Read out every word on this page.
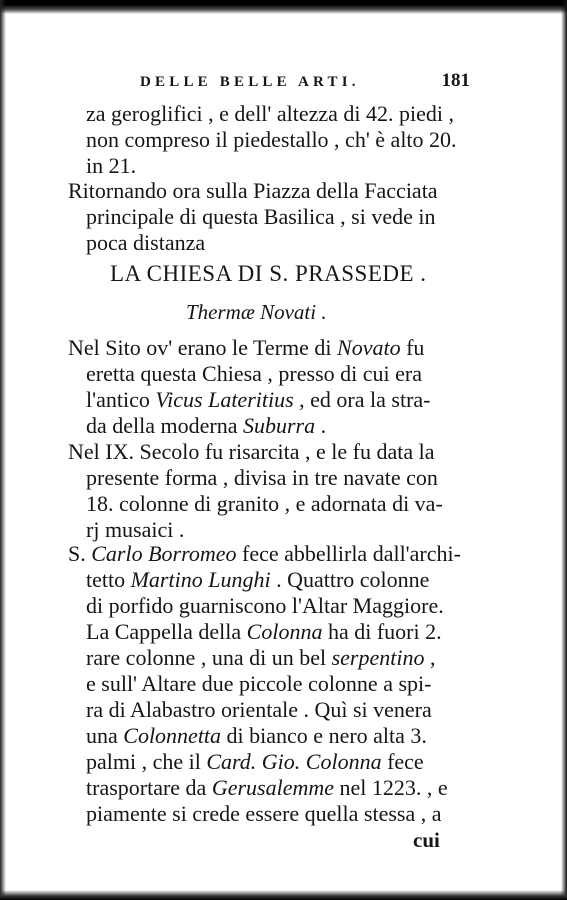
DELLE BELLE ARTI.	181
za geroglifici , e dell' altezza di 42. piedi ,
non compreso il piedestallo , ch' è alto 20.
in 21.
Ritornando ora sulla Piazza della Facciata
principale di questa Basilica , si vede in
poca distanza
LA CHIESA DI S. PRASSEDE .
Thermæ Novati .
Nel Sito ov' erano le Terme di Novato fu
eretta questa Chiesa , presso di cui era
l'antico Vicus Lateritius , ed ora la stra-
da della moderna Suburra .
Nel IX. Secolo fu risarcita , e le fu data la
presente forma , divisa in tre navate con
18. colonne di granito , e adornata di va-
rj musaici .
S. Carlo Borromeo fece abbellirla dall'archi-
tetto Martino Lunghi . Quattro colonne
di porfido guarniscono l'Altar Maggiore.
La Cappella della Colonna ha di fuori 2.
rare colonne , una di un bel serpentino ,
e sull' Altare due piccole colonne a spi-
ra di Alabastro orientale . Quì si venera
una Colonnetta di bianco e nero alta 3.
palmi , che il Card. Gio. Colonna fece
trasportare da Gerusalemme nel 1223. , e
piamente si crede essere quella stessa , a
cui
